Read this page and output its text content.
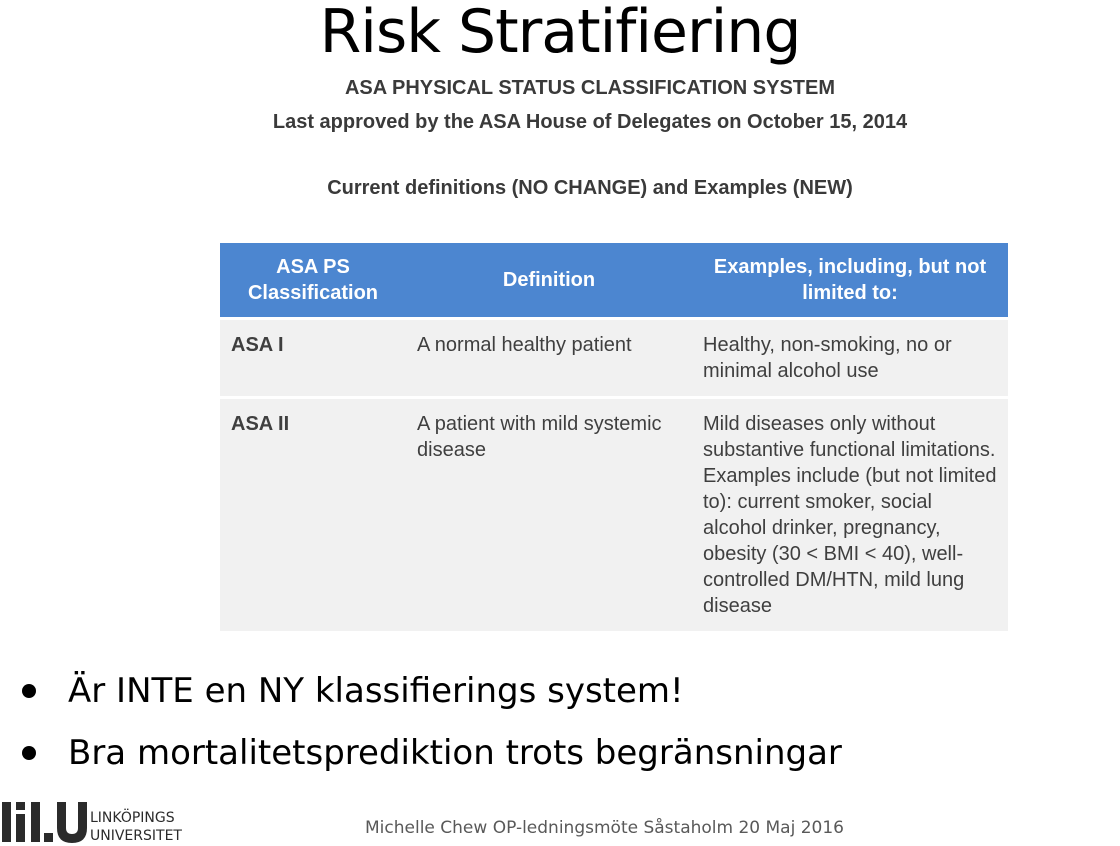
Risk Stratifiering
ASA PHYSICAL STATUS CLASSIFICATION SYSTEM
Last approved by the ASA House of Delegates on October 15, 2014
Current definitions (NO CHANGE) and Examples (NEW)
ASA PS Classification	Definition	Examples, including, but not limited to:
ASA I	A normal healthy patient	Healthy, non-smoking, no or minimal alcohol use
ASA II	A patient with mild systemic disease	Mild diseases only without substantive functional limitations. Examples include (but not limited to): current smoker, social alcohol drinker, pregnancy, obesity (30 < BMI < 40), well-controlled DM/HTN, mild lung disease
Är INTE en NY klassifierings system!
Bra mortalitetsprediktion trots begränsningar
LINKÖPINGS
UNIVERSITET	Michelle Chew OP-ledningsmöte Såstaholm 20 Maj 2016
